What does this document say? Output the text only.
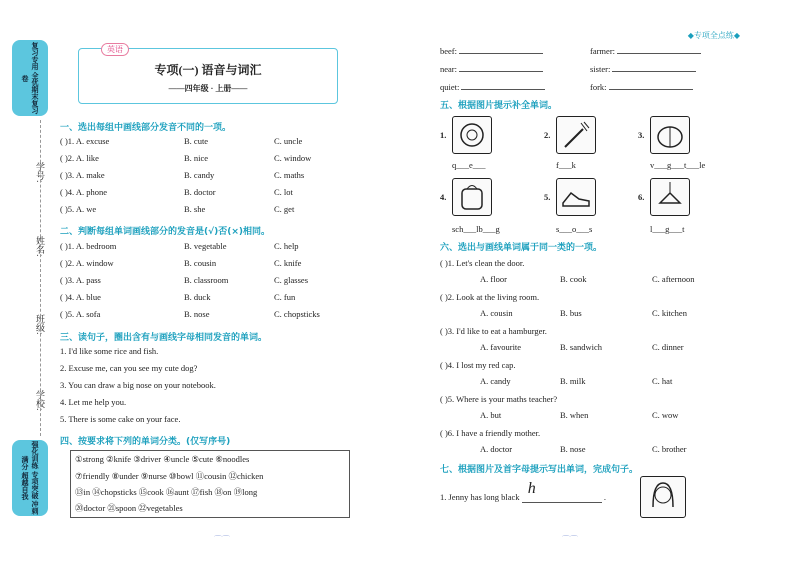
复习专用 全优期末复习卷
学号:
姓名:
班级:
学校:
强化训练 专项突破 冲刺满分 超越自我
英语
专项(一) 语音与词汇
——四年级 · 上册——
一、选出每组中画线部分发音不同的一项。
( )1. A. excuse	B. cute	C. uncle
( )2. A. like	B. nice	C. window
( )3. A. make	B. candy	C. maths
( )4. A. phone	B. doctor	C. lot
( )5. A. we	B. she	C. get
二、判断每组单词画线部分的发音是(√)否(×)相同。
( )1. A. bedroom	B. vegetable	C. help
( )2. A. window	B. cousin	C. knife
( )3. A. pass	B. classroom	C. glasses
( )4. A. blue	B. duck	C. fun
( )5. A. sofa	B. nose	C. chopsticks
三、读句子，圈出含有与画线字母相同发音的单词。
1. I'd like some rice and fish.
2. Excuse me, can you see my cute dog?
3. You can draw a big nose on your notebook.
4. Let me help you.
5. There is some cake on your face.
四、按要求将下列的单词分类。(仅写序号)
①strong ②knife ③driver ④uncle ⑤cute ⑥noodles
⑦friendly ⑧under ⑨nurse ⑩bowl ⑪cousin ⑫chicken
⑬in ⑭chopsticks ⑮cook ⑯aunt ⑰fish ⑱on ⑲long
⑳doctor ㉑spoon ㉒vegetables
⌒⌒	⌒⌒
◆专项全点练◆
beef:	farmer:
near:	sister:
quiet:	fork:
五、根据图片提示补全单词。
1.
q___e___
2.
f___k
3.
v___g___t___le
4.
sch___lb___g
5.
s___o___s
6.
l___g___t
六、选出与画线单词属于同一类的一项。
( )1. Let's clean the door.
A. floor	B. cook	C. afternoon
( )2. Look at the living room.
A. cousin	B. bus	C. kitchen
( )3. I'd like to eat a hamburger.
A. favourite	B. sandwich	C. dinner
( )4. I lost my red cap.
A. candy	B. milk	C. hat
( )5. Where is your maths teacher?
A. but	B. when	C. wow
( )6. I have a friendly mother.
A. doctor	B. nose	C. brother
七、根据图片及首字母提示写出单词，完成句子。
1. Jenny has long black h	.
